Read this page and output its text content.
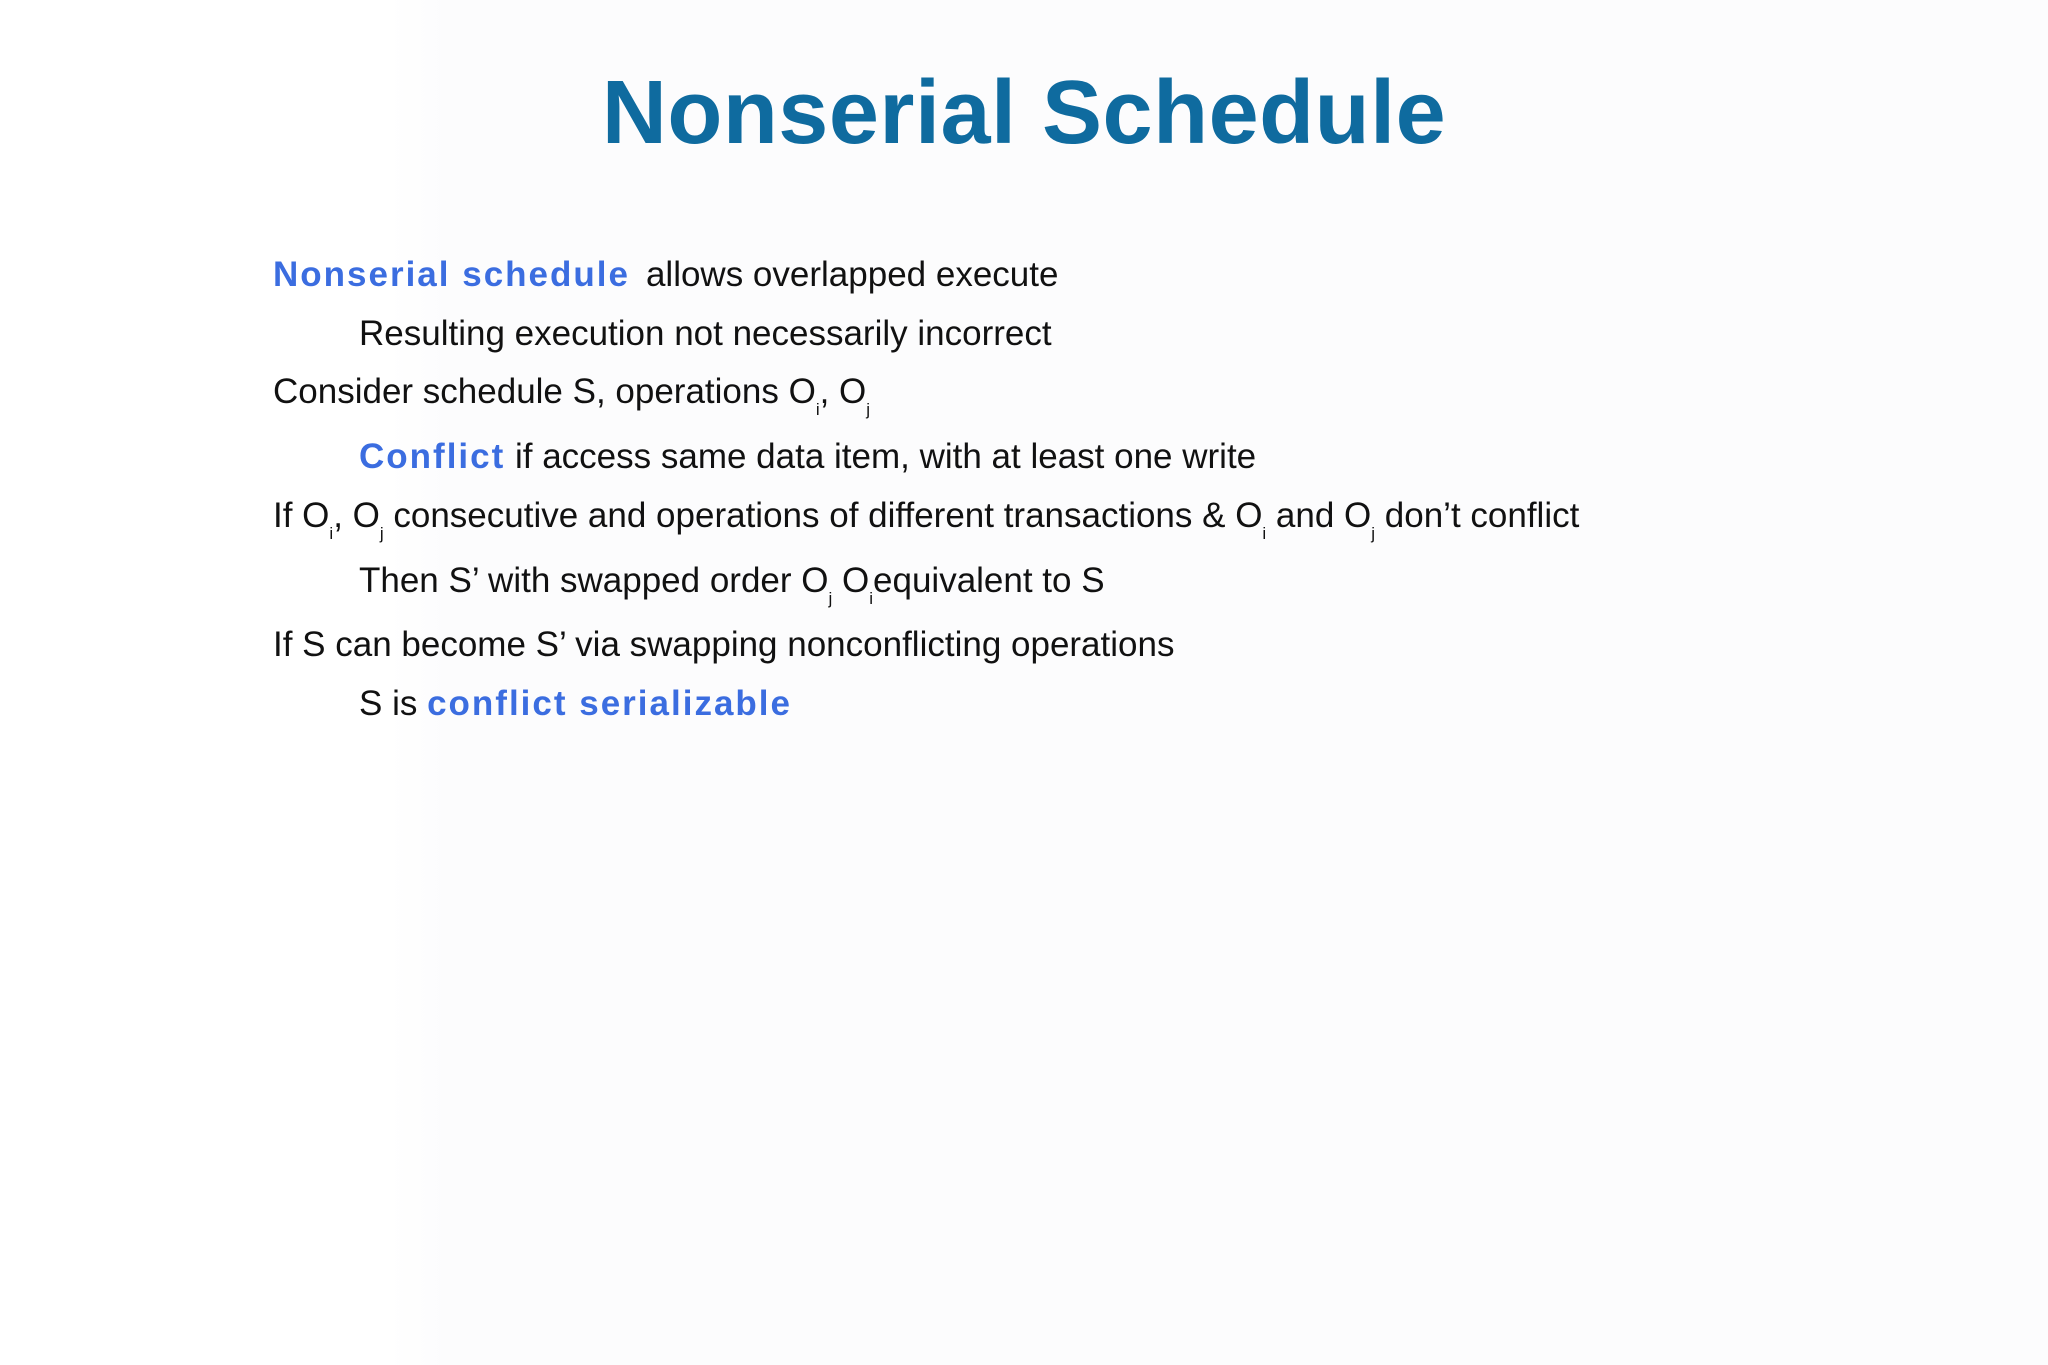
Nonserial Schedule
Nonserial schedule allows overlapped execute
Resulting execution not necessarily incorrect
Consider schedule S, operations $O_i$, $O_j$
Conflict if access same data item, with at least one write
If $O_i$, $O_j$ consecutive and operations of different transactions & $O_i$ and $O_j$ don’t conflict
Then S’ with swapped order $O_j$ $O_iequivalent$ to S
If S can become S’ via swapping nonconflicting operations
S is conflict serializable
